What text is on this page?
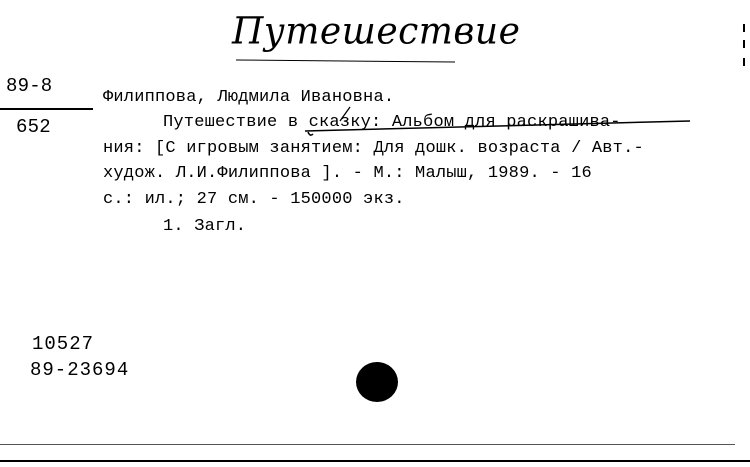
Путешествие
89-8
652
Филиппова, Людмила Ивановна.
Путешествие в сказку: Альбом для раскрашива-
ния: [С игровым занятием: Для дошк. возраста / Авт.-
худож. Л.И.Филиппова ]. - М.: Малыш, 1989. - 16
с.: ил.; 27 см. - 150000 экз.
1. Загл.
10527
89-23694
